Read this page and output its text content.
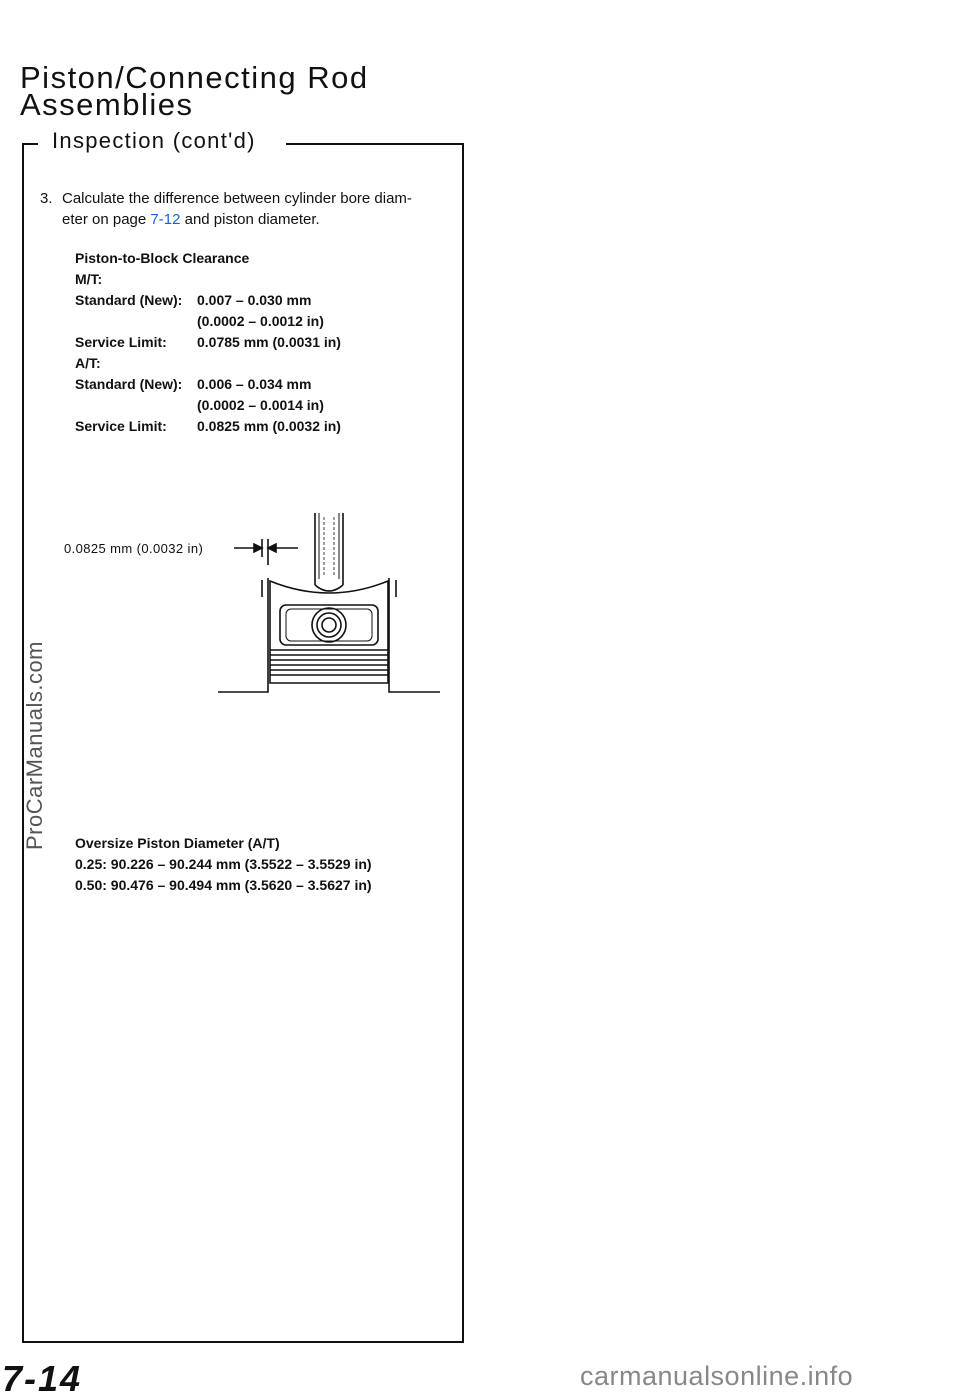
Piston/Connecting Rod
Assemblies
Inspection (cont'd)
3. Calculate the difference between cylinder bore diam-
eter on page 7-12 and piston diameter.
Piston-to-Block Clearance
M/T:
Standard (New): 0.007 – 0.030 mm
(0.0002 – 0.0012 in)
Service Limit: 0.0785 mm (0.0031 in)
A/T:
Standard (New): 0.006 – 0.034 mm
(0.0002 – 0.0014 in)
Service Limit: 0.0825 mm (0.0032 in)
0.0825 mm (0.0032 in)
Oversize Piston Diameter (A/T)
0.25: 90.226 – 90.244 mm (3.5522 – 3.5529 in)
0.50: 90.476 – 90.494 mm (3.5620 – 3.5627 in)
ProCarManuals.com
7-14	carmanualsonline.info
